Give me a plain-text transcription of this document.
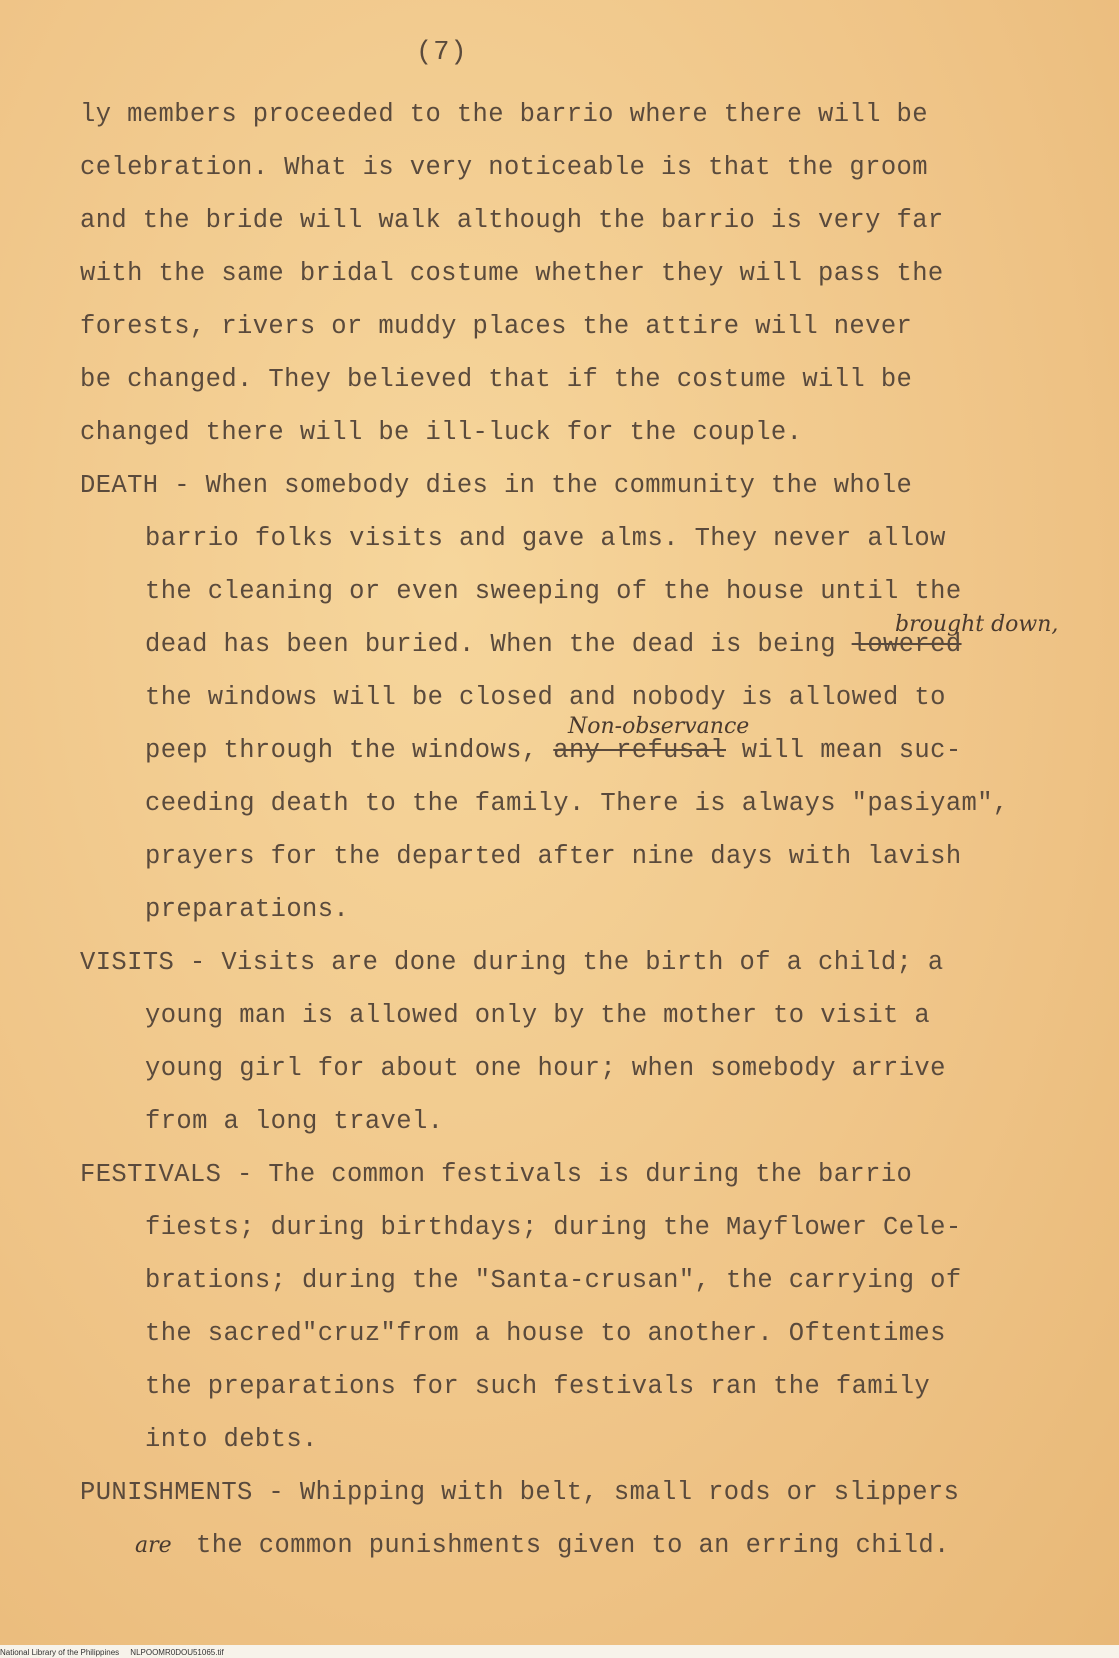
(7)
ly members proceeded to the barrio where there will be
celebration. What is very noticeable is that the groom
and the bride will walk although the barrio is very far
with the same bridal costume whether they will pass the
forests, rivers or muddy places the attire will never
be changed. They believed that if the costume will be
changed there will be ill-luck for the couple.
DEATH - When somebody dies in the community the whole
barrio folks visits and gave alms. They never allow
the cleaning or even sweeping of the house until the
dead has been buried. When the dead is being lowered
brought down,
the windows will be closed and nobody is allowed to
Non-observance
peep through the windows, any refusal will mean suc-
ceeding death to the family. There is always "pasiyam",
prayers for the departed after nine days with lavish
preparations.
VISITS - Visits are done during the birth of a child; a
young man is allowed only by the mother to visit a
young girl for about one hour; when somebody arrive
from a long travel.
FESTIVALS - The common festivals is during the barrio
fiests; during birthdays; during the Mayflower Cele-
brations; during the "Santa-crusan", the carrying of
the sacred"cruz"from a house to another. Oftentimes
the preparations for such festivals ran the family
into debts.
PUNISHMENTS - Whipping with belt, small rods or slippers
are the common punishments given to an erring child.
National Library of the Philippines     NLPOOMR0DOU51065.tif
